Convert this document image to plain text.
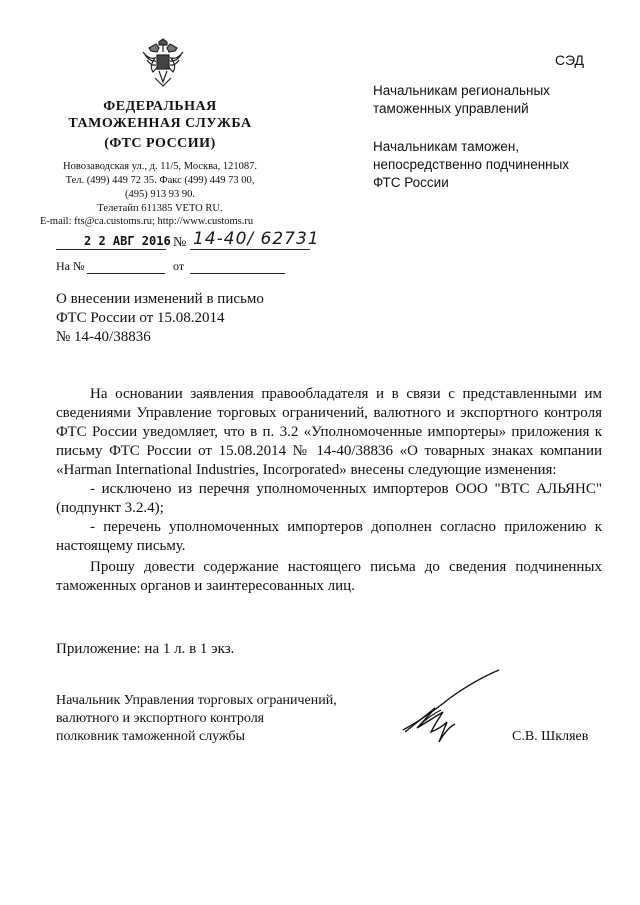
СЭД
ФЕДЕРАЛЬНАЯ
ТАМОЖЕННАЯ СЛУЖБА
(ФТС РОССИИ)
Новозаводская ул., д. 11/5, Москва, 121087.
Тел. (499) 449 72 35. Факс (499) 449 73 00,
(495) 913 93 90.
Телетайп 611385 VETO RU.
E-mail: fts@ca.customs.ru; http://www.customs.ru
2 2 АВГ 2016 № 14-40/ 62731
На №	от
Начальникам региональных
таможенных управлений
Начальникам таможен,
непосредственно подчиненных
ФТС России
О внесении изменений в письмо
ФТС России от 15.08.2014
№ 14-40/38836

На основании заявления правообладателя и в связи с представленными им сведениями Управление торговых ограничений, валютного и экспортного контроля ФТС России уведомляет, что в п. 3.2 «Уполномоченные импортеры» приложения к письму ФТС России от 15.08.2014 № 14-40/38836 «О товарных знаках компании «Harman International Industries, Incorporated» внесены следующие изменения:

- исключено из перечня уполномоченных импортеров ООО "ВТС АЛЬЯНС" (подпункт 3.2.4);

- перечень уполномоченных импортеров дополнен согласно приложению к настоящему письму.

Прошу довести содержание настоящего письма до сведения подчиненных таможенных органов и заинтересованных лиц.

Приложение: на 1 л. в 1 экз.
Начальник Управления торговых ограничений,
валютного и экспортного контроля
полковник таможенной службы	С.В. Шкляев
